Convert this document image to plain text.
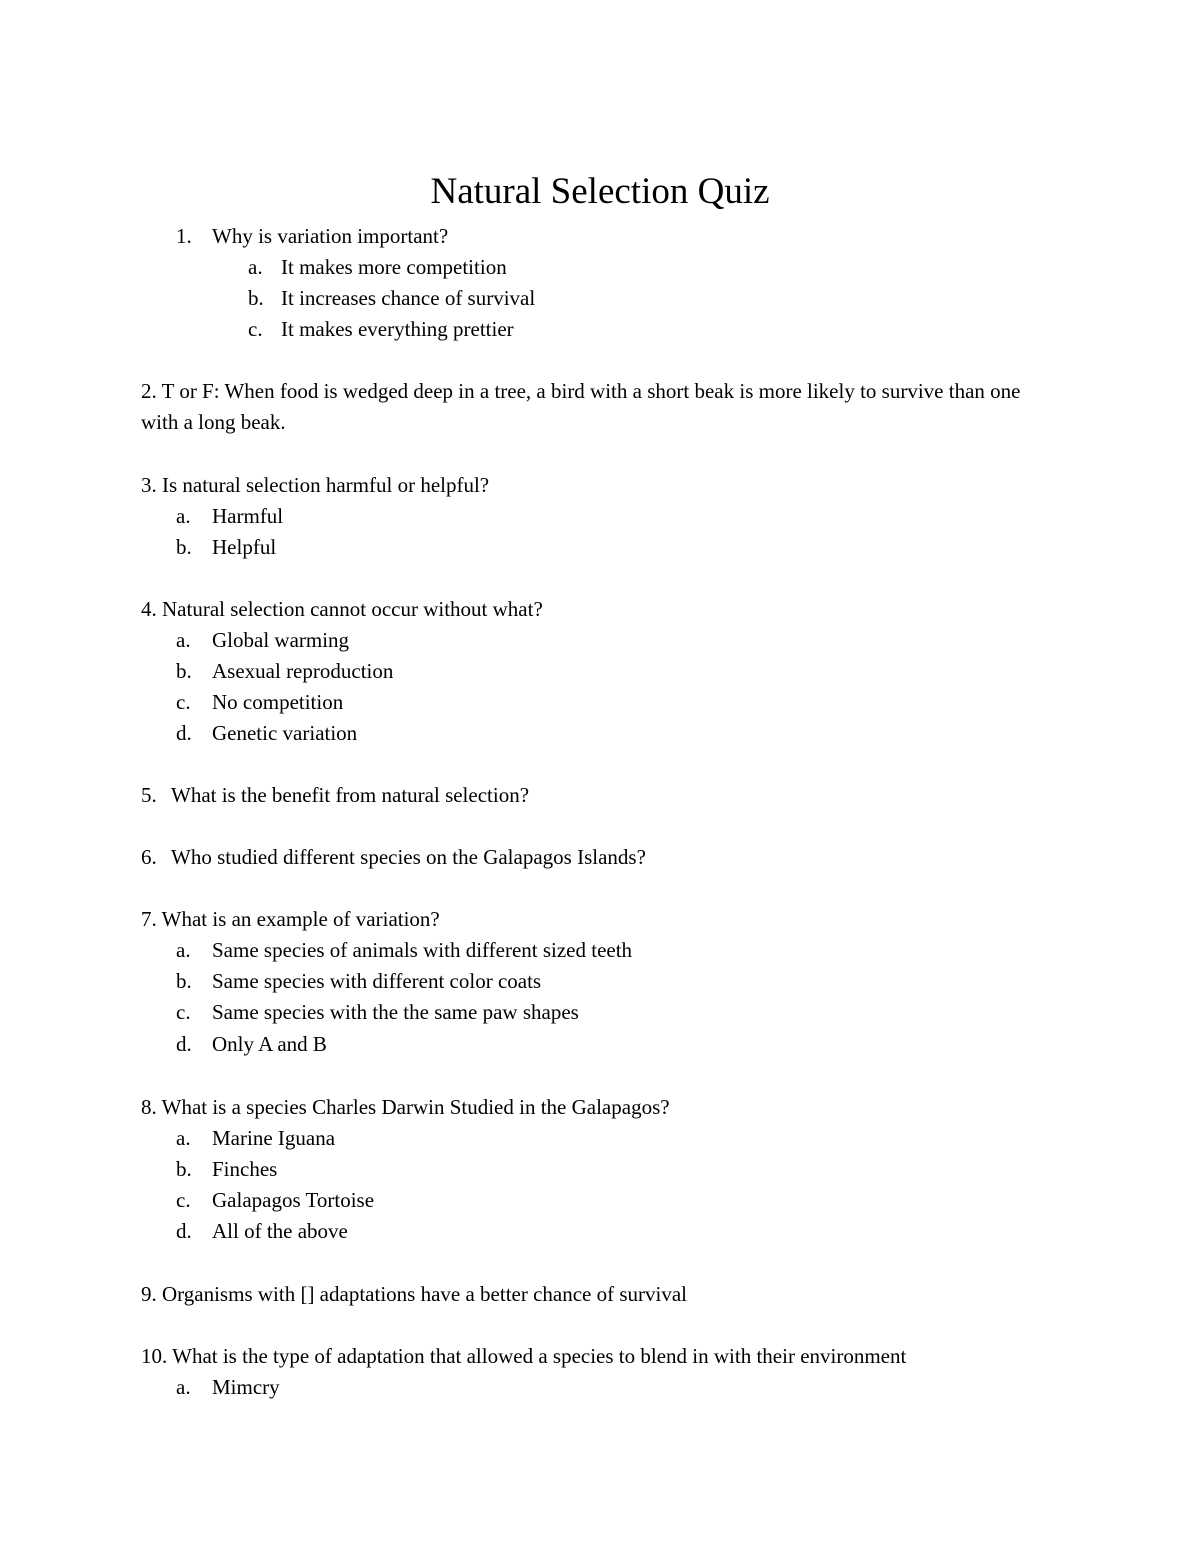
Natural Selection Quiz
1. Why is variation important?
a. It makes more competition
b. It increases chance of survival
c. It makes everything prettier
2. T or F: When food is wedged deep in a tree, a bird with a short beak is more likely to survive than one with a long beak.
3. Is natural selection harmful or helpful?
a. Harmful
b. Helpful
4. Natural selection cannot occur without what?
a. Global warming
b. Asexual reproduction
c. No competition
d. Genetic variation
5. What is the benefit from natural selection?
6. Who studied different species on the Galapagos Islands?
7. What is an example of variation?
a. Same species of animals with different sized teeth
b. Same species with different color coats
c. Same species with the the same paw shapes
d. Only A and B
8. What is a species Charles Darwin Studied in the Galapagos?
a. Marine Iguana
b. Finches
c. Galapagos Tortoise
d. All of the above
9. Organisms with [] adaptations have a better chance of survival
10. What is the type of adaptation that allowed a species to blend in with their environment
a. Mimcry
